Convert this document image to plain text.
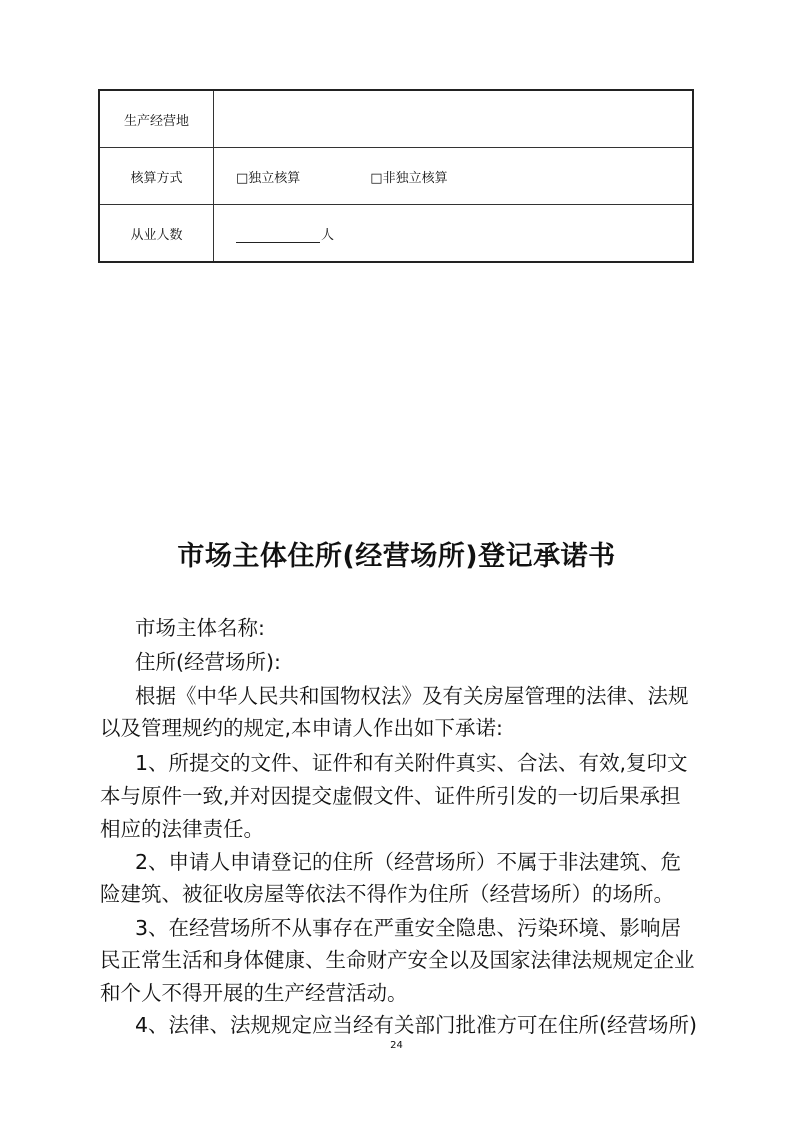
生产经营地	
核算方式	□独立核算 □非独立核算
从业人数	人
市场主体住所(经营场所)登记承诺书
市场主体名称:
住所(经营场所):
根据《中华人民共和国物权法》及有关房屋管理的法律、法规
以及管理规约的规定,本申请人作出如下承诺:
1、所提交的文件、证件和有关附件真实、合法、有效,复印文
本与原件一致,并对因提交虚假文件、证件所引发的一切后果承担
相应的法律责任。
2、申请人申请登记的住所（经营场所）不属于非法建筑、危
险建筑、被征收房屋等依法不得作为住所（经营场所）的场所。
3、在经营场所不从事存在严重安全隐患、污染环境、影响居
民正常生活和身体健康、生命财产安全以及国家法律法规规定企业
和个人不得开展的生产经营活动。
4、法律、法规规定应当经有关部门批准方可在住所(经营场所)
24
